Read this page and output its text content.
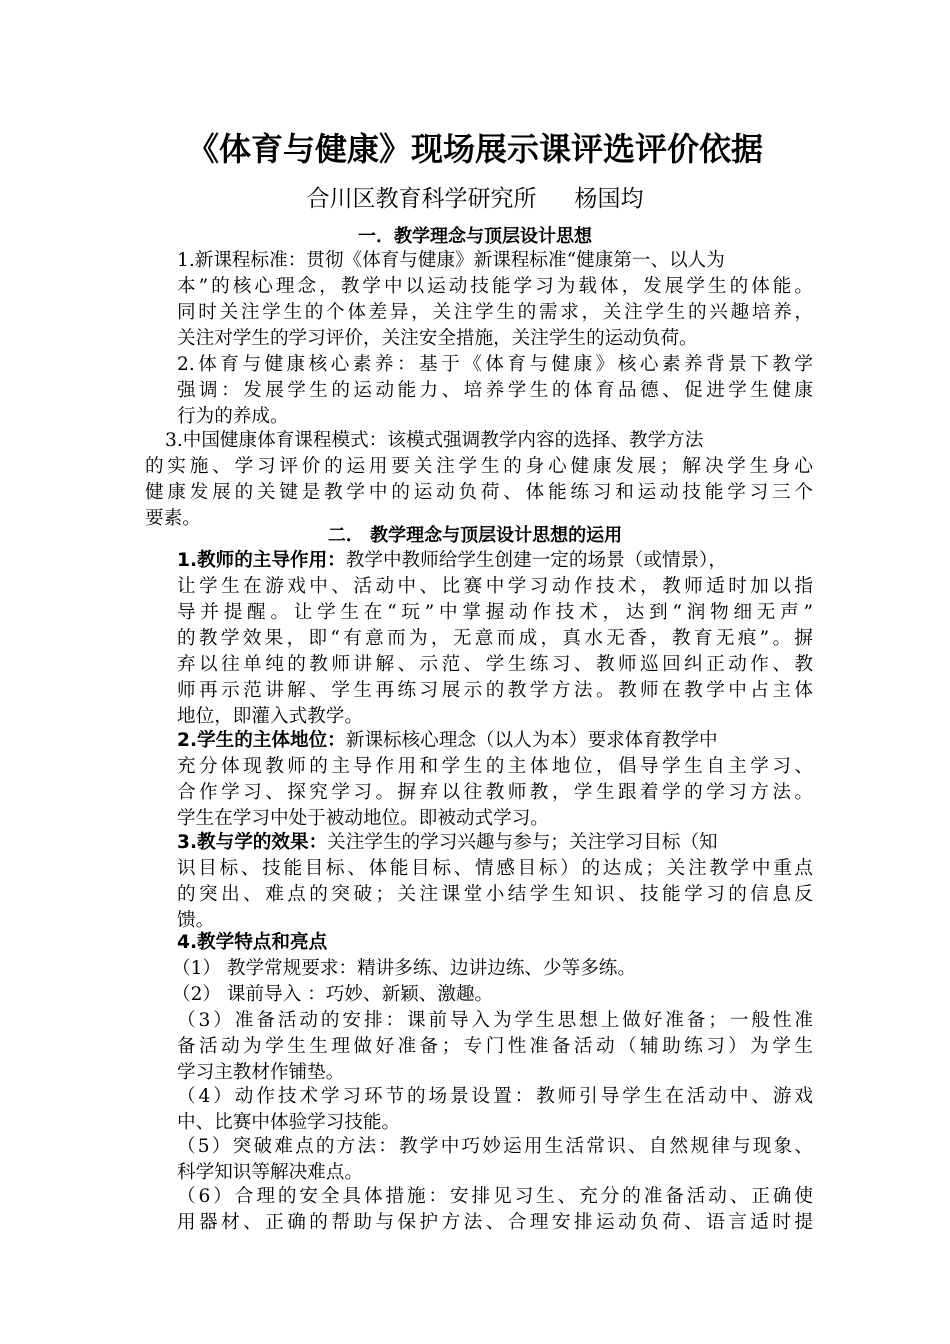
《体育与健康》现场展示课评选评价依据
合川区教育科学研究所 杨国均
一．教学理念与顶层设计思想
1.新课程标准：贯彻《体育与健康》新课程标准“健康第一、以人为
本”的核心理念，教学中以运动技能学习为载体，发展学生的体能。
同时关注学生的个体差异，关注学生的需求，关注学生的兴趣培养，
关注对学生的学习评价，关注安全措施，关注学生的运动负荷。
2.体育与健康核心素养：基于《体育与健康》核心素养背景下教学
强调：发展学生的运动能力、培养学生的体育品德、促进学生健康
行为的养成。
3.中国健康体育课程模式：该模式强调教学内容的选择、教学方法
的实施、学习评价的运用要关注学生的身心健康发展；解决学生身心
健康发展的关键是教学中的运动负荷、体能练习和运动技能学习三个
要素。
二． 教学理念与顶层设计思想的运用
1.教师的主导作用：教学中教师给学生创建一定的场景（或情景），
让学生在游戏中、活动中、比赛中学习动作技术，教师适时加以指
导并提醒。让学生在“玩”中掌握动作技术，达到“润物细无声”
的教学效果，即“有意而为，无意而成，真水无香，教育无痕”。摒
弃以往单纯的教师讲解、示范、学生练习、教师巡回纠正动作、教
师再示范讲解、学生再练习展示的教学方法。教师在教学中占主体
地位，即灌入式教学。
2.学生的主体地位：新课标核心理念（以人为本）要求体育教学中
充分体现教师的主导作用和学生的主体地位，倡导学生自主学习、
合作学习、探究学习。摒弃以往教师教，学生跟着学的学习方法。
学生在学习中处于被动地位。即被动式学习。
3.教与学的效果：关注学生的学习兴趣与参与；关注学习目标（知
识目标、技能目标、体能目标、情感目标）的达成；关注教学中重点
的突出、难点的突破；关注课堂小结学生知识、技能学习的信息反
馈。
4.教学特点和亮点
（1） 教学常规要求：精讲多练、边讲边练、少等多练。
（2） 课前导入 ：巧妙、新颖、激趣。
（3）准备活动的安排：课前导入为学生思想上做好准备；一般性准
备活动为学生生理做好准备；专门性准备活动（辅助练习）为学生
学习主教材作铺垫。
（4）动作技术学习环节的场景设置：教师引导学生在活动中、游戏
中、比赛中体验学习技能。
（5）突破难点的方法：教学中巧妙运用生活常识、自然规律与现象、
科学知识等解决难点。
（6）合理的安全具体措施：安排见习生、充分的准备活动、正确使
用器材、正确的帮助与保护方法、合理安排运动负荷、语言适时提
